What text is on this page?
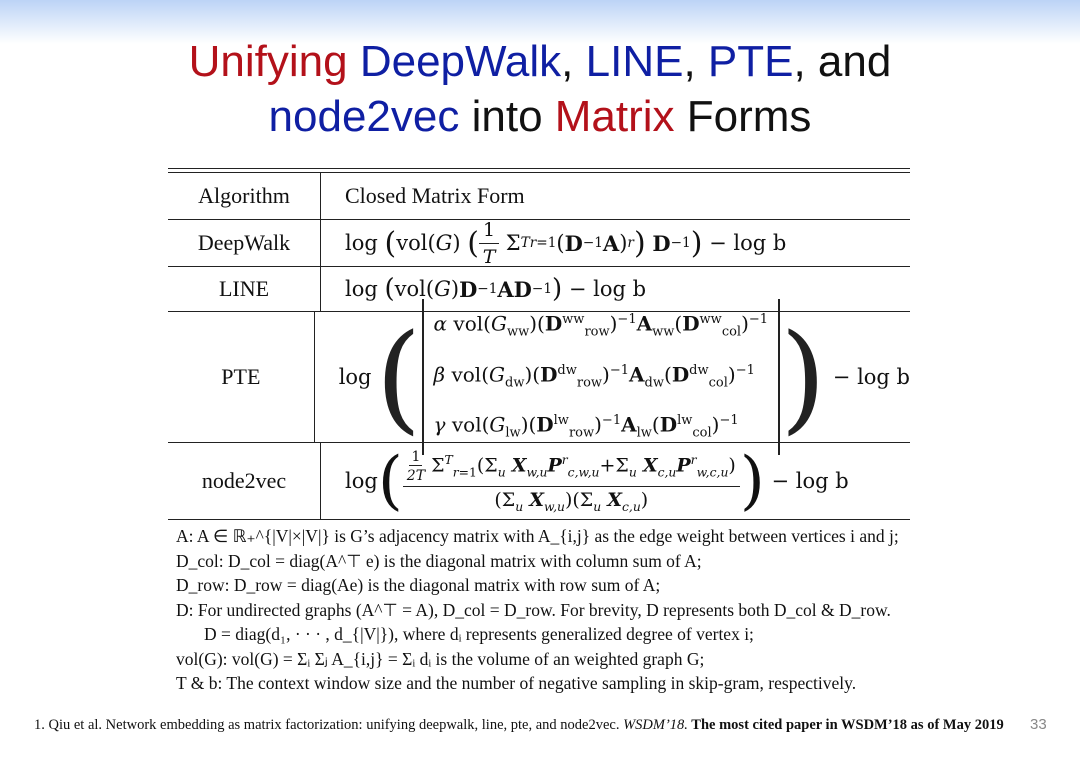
Unifying DeepWalk, LINE, PTE, and
node2vec into Matrix Forms
Algorithm	Closed Matrix Form
DeepWalk	log
( vol( G ) ( $\frac{1}{T}$ Σ T r=1 ( D −1 A ) r )
D −1 )
− log b
LINE	log
( vol( G ) D −1 AD −1 )
− log b
PTE	log ( α $vol(G_{ww})(D^{ww}_{row})^{-1}A_{ww}(D^{ww}_{col})^{-1}$
β $vol(G_{dw})(D^{dw}_{row})^{-1}A_{dw}(D^{dw}_{col})^{-1}$
γ $vol(G_{lw})(D^{lw}_{row})^{-1}A_{lw}(D^{lw}_{col})^{-1}$ )
− log b
node2vec	log ( $\frac{\frac{1}{2T} \Sigma^T_{r=1}(\Sigma_u X_{w,u}P^r_{c,w,u}+\Sigma_u X_{c,u}P^r_{w,c,u})}{(\Sigma_u X_{w,u})(\Sigma_u X_{c,u})}$ )
− log b
A: A ∈ ℝ₊^{|V|×|V|} is G’s adjacency matrix with A_{i,j} as the edge weight between vertices i and j;
D_col: D_col = diag(A^⊤ e) is the diagonal matrix with column sum of A;
D_row: D_row = diag(Ae) is the diagonal matrix with row sum of A;
D: For undirected graphs (A^⊤ = A), D_col = D_row. For brevity, D represents both D_col & D_row.
D = diag(d₁, · · · , d_{|V|}), where dᵢ represents generalized degree of vertex i;
vol(G): vol(G) = Σᵢ Σⱼ A_{i,j} = Σᵢ dᵢ is the volume of an weighted graph G;
T & b: The context window size and the number of negative sampling in skip-gram, respectively.
1. Qiu et al. Network embedding as matrix factorization: unifying deepwalk, line, pte, and node2vec. WSDM’18. The most cited paper in WSDM’18 as of May 2019 33
